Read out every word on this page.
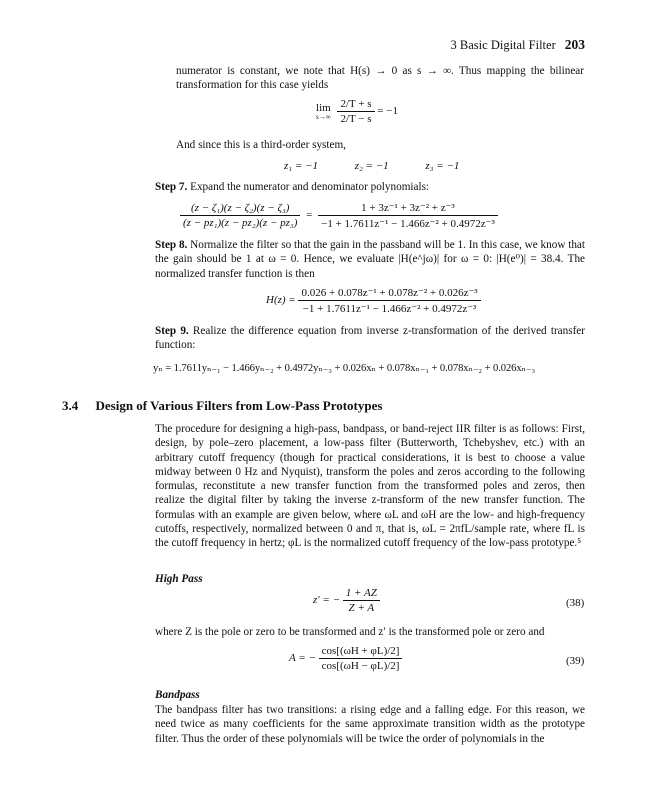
3 Basic Digital Filter 203
numerator is constant, we note that H(s) → 0 as s → ∞. Thus mapping the bilinear transformation for this case yields
lim
s→∞
$\frac{2/T + s}{2/T - s} = -1$
And since this is a third-order system,
z₁ = −1	z₂ = −1	z₃ = −1
Step 7. Expand the numerator and denominator polynomials:
$\frac{\text{(z − ζ₁)(z − ζ₂)(z − ζ₃)}}{\text{(z − pz₁)(z − pz₂)(z − pz₃)}} = \frac{\text{1 + 3z⁻¹ + 3z⁻² + z⁻³}}{\text{−1 + 1.7611z⁻¹ − 1.466z⁻² + 0.4972z⁻³}}$
Step 8. Normalize the filter so that the gain in the passband will be 1. In this case, we know that the gain should be 1 at ω = 0. Hence, we evaluate |H(e^jω)| for ω = 0: |H(e⁰)| = 38.4. The normalized transfer function is then
$H(z) = \frac{\text{0.026 + 0.078z⁻¹ + 0.078z⁻² + 0.026z⁻³}}{\text{−1 + 1.7611z⁻¹ − 1.466z⁻² + 0.4972z⁻³}}$
Step 9. Realize the difference equation from inverse z-transformation of the derived transfer function:
yₙ = 1.7611yₙ₋₁ − 1.466yₙ₋₂ + 0.4972yₙ₋₃ + 0.026xₙ + 0.078xₙ₋₁ + 0.078xₙ₋₂ + 0.026xₙ₋₃
3.4 Design of Various Filters from Low-Pass Prototypes
The procedure for designing a high-pass, bandpass, or band-reject IIR filter is as follows: First, design, by pole–zero placement, a low-pass filter (Butterworth, Tchebyshev, etc.) with an arbitrary cutoff frequency (though for practical considerations, it is best to choose a value midway between 0 Hz and Nyquist), transform the poles and zeros according to the following formulas, reconstitute a new transfer function from the transformed poles and zeros, then realize the digital filter by taking the inverse z-transform of the new transfer function. The formulas with an example are given below, where ωL and ωH are the low- and high-frequency cutoffs, respectively, normalized between 0 and π, that is, ωL = 2πfL/sample rate, where fL is the cutoff frequency in hertz; φL is the normalized cutoff frequency of the low-pass prototype.⁵
High Pass
z′ = − $\frac{1 + AZ}{Z + A}$	(38)
where Z is the pole or zero to be transformed and z′ is the transformed pole or zero and
A = − $\frac{\cos[(\omega H + \varphi L)/2]}{\cos[(\omega H - \varphi L)/2]}$	(39)
Bandpass
The bandpass filter has two transitions: a rising edge and a falling edge. For this reason, we need twice as many coefficients for the same approximate transition width as the prototype filter. Thus the order of these polynomials will be twice the order of polynomials in the
